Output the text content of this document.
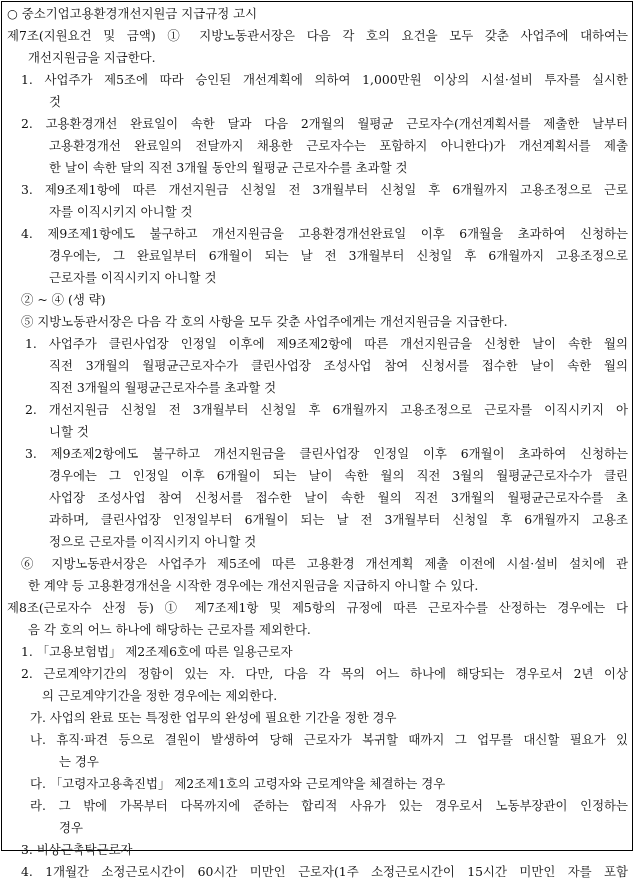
○ 중소기업고용환경개선지원금 지급규정 고시
제7조(지원요건 및 금액) ① 지방노동관서장은 다음 각 호의 요건을 모두 갖춘 사업주에 대하여는
개선지원금을 지급한다.
1. 사업주가 제5조에 따라 승인된 개선계획에 의하여 1,000만원 이상의 시설·설비 투자를 실시한
것
2. 고용환경개선 완료일이 속한 달과 다음 2개월의 월평균 근로자수(개선계획서를 제출한 날부터
고용환경개선 완료일의 전달까지 채용한 근로자수는 포함하지 아니한다)가 개선계획서를 제출
한 날이 속한 달의 직전 3개월 동안의 월평균 근로자수를 초과할 것
3. 제9조제1항에 따른 개선지원금 신청일 전 3개월부터 신청일 후 6개월까지 고용조정으로 근로
자를 이직시키지 아니할 것
4. 제9조제1항에도 불구하고 개선지원금을 고용환경개선완료일 이후 6개월을 초과하여 신청하는
경우에는, 그 완료일부터 6개월이 되는 날 전 3개월부터 신청일 후 6개월까지 고용조정으로
근로자를 이직시키지 아니할 것
② ~ ④ (생 략)
⑤ 지방노동관서장은 다음 각 호의 사항을 모두 갖춘 사업주에게는 개선지원금을 지급한다.
1. 사업주가 클린사업장 인정일 이후에 제9조제2항에 따른 개선지원금을 신청한 날이 속한 월의
직전 3개월의 월평균근로자수가 클린사업장 조성사업 참여 신청서를 접수한 날이 속한 월의
직전 3개월의 월평균근로자수를 초과할 것
2. 개선지원금 신청일 전 3개월부터 신청일 후 6개월까지 고용조정으로 근로자를 이직시키지 아
니할 것
3. 제9조제2항에도 불구하고 개선지원금을 클린사업장 인정일 이후 6개월이 초과하여 신청하는
경우에는 그 인정일 이후 6개월이 되는 날이 속한 월의 직전 3월의 월평균근로자수가 클린
사업장 조성사업 참여 신청서를 접수한 날이 속한 월의 직전 3개월의 월평균근로자수를 초
과하며, 클린사업장 인정일부터 6개월이 되는 날 전 3개월부터 신청일 후 6개월까지 고용조
정으로 근로자를 이직시키지 아니할 것
⑥ 지방노동관서장은 사업주가 제5조에 따른 고용환경 개선계획 제출 이전에 시설·설비 설치에 관
한 계약 등 고용환경개선을 시작한 경우에는 개선지원금을 지급하지 아니할 수 있다.
제8조(근로자수 산정 등) ① 제7조제1항 및 제5항의 규정에 따른 근로자수를 산정하는 경우에는 다
음 각 호의 어느 하나에 해당하는 근로자를 제외한다.
1. 「고용보험법」 제2조제6호에 따른 일용근로자
2. 근로계약기간의 정함이 있는 자. 다만, 다음 각 목의 어느 하나에 해당되는 경우로서 2년 이상
의 근로계약기간을 정한 경우에는 제외한다.
가. 사업의 완료 또는 특정한 업무의 완성에 필요한 기간을 정한 경우
나. 휴직·파견 등으로 결원이 발생하여 당해 근로자가 복귀할 때까지 그 업무를 대신할 필요가 있
는 경우
다. 「고령자고용촉진법」 제2조제1호의 고령자와 근로계약을 체결하는 경우
라. 그 밖에 가목부터 다목까지에 준하는 합리적 사유가 있는 경우로서 노동부장관이 인정하는
경우
3. 비상근촉탁근로자
4. 1개월간 소정근로시간이 60시간 미만인 근로자(1주 소정근로시간이 15시간 미만인 자를 포함
